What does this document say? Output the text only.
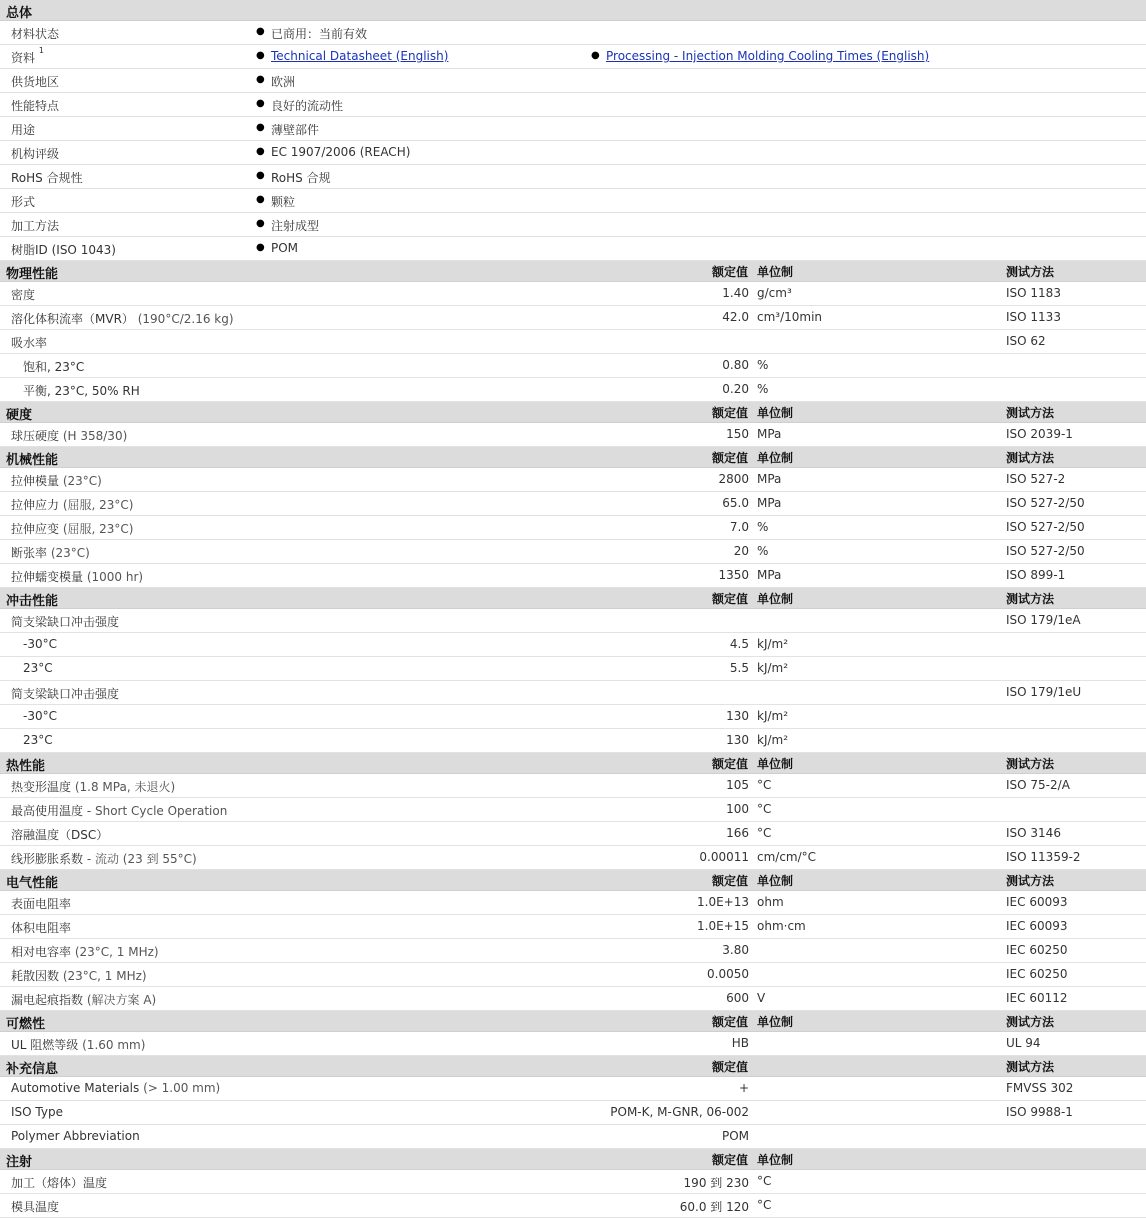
总体
材料状态	● 已商用：当前有效
资料 $^1$	● Technical Datasheet (English)	● Processing - Injection Molding Cooling Times (English)
供货地区	● 欧洲
性能特点	● 良好的流动性
用途	● 薄壁部件
机构评级	● EC 1907/2006 (REACH)
RoHS 合规性	● RoHS 合规
形式	● 颗粒
加工方法	● 注射成型
树脂ID (ISO 1043)	● POM
物理性能	额定值 单位制	测试方法
密度	1.40 g/cm³	ISO 1183
溶化体积流率（MVR） (190°C/2.16 kg)	42.0 cm³/10min	ISO 1133
吸水率	ISO 62
饱和, 23°C	0.80 %
平衡, 23°C, 50% RH	0.20 %
硬度	额定值 单位制	测试方法
球压硬度 (H 358/30)	150 MPa	ISO 2039-1
机械性能	额定值 单位制	测试方法
拉伸模量 (23°C)	2800 MPa	ISO 527-2
拉伸应力 (屈服, 23°C)	65.0 MPa	ISO 527-2/50
拉伸应变 (屈服, 23°C)	7.0 %	ISO 527-2/50
断张率 (23°C)	20 %	ISO 527-2/50
拉伸蠕变模量 (1000 hr)	1350 MPa	ISO 899-1
冲击性能	额定值 单位制	测试方法
简支梁缺口冲击强度	ISO 179/1eA
-30°C	4.5 kJ/m²
23°C	5.5 kJ/m²
简支梁缺口冲击强度	ISO 179/1eU
-30°C	130 kJ/m²
23°C	130 kJ/m²
热性能	额定值 单位制	测试方法
热变形温度 (1.8 MPa, 未退火)	105 °C	ISO 75-2/A
最高使用温度 - Short Cycle Operation	100 °C
溶融温度（DSC）	166 °C	ISO 3146
线形膨胀系数 - 流动 (23 到 55°C)	0.00011 cm/cm/°C	ISO 11359-2
电气性能	额定值 单位制	测试方法
表面电阻率	1.0E+13 ohm	IEC 60093
体积电阻率	1.0E+15 ohm·cm	IEC 60093
相对电容率 (23°C, 1 MHz)	3.80	IEC 60250
耗散因数 (23°C, 1 MHz)	0.0050	IEC 60250
漏电起痕指数 (解决方案 A)	600 V	IEC 60112
可燃性	额定值 单位制	测试方法
UL 阻燃等级 (1.60 mm)	HB	UL 94
补充信息	额定值	测试方法
Automotive Materials (> 1.00 mm)	+	FMVSS 302
ISO Type	POM-K, M-GNR, 06-002	ISO 9988-1
Polymer Abbreviation	POM
注射	额定值 单位制
加工（熔体）温度	190 到 230 °C
模具温度	60.0 到 120 °C
